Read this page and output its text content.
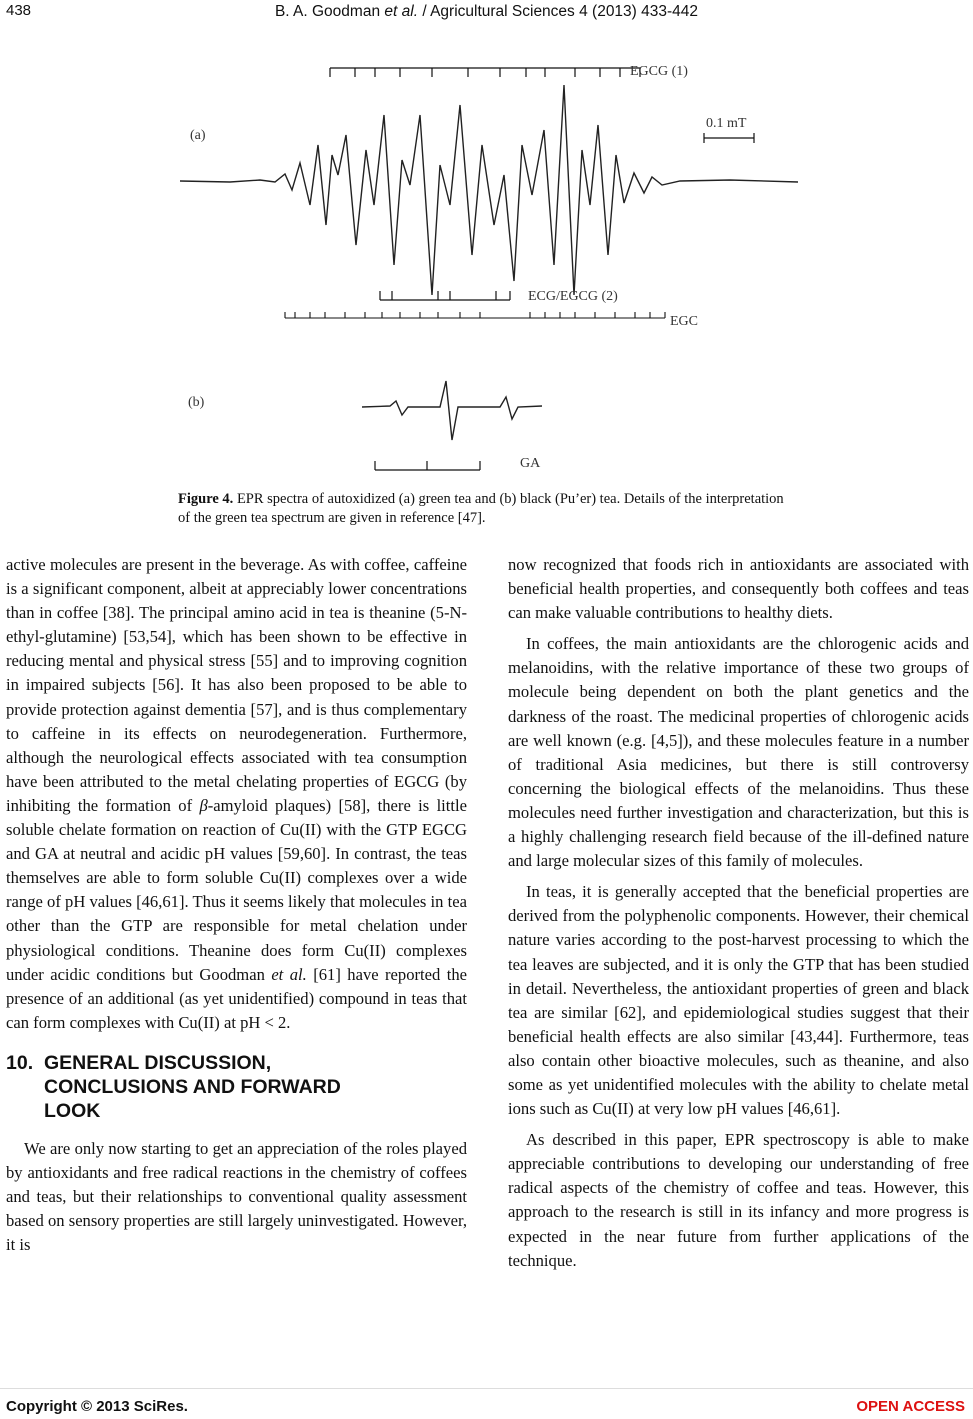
438	B. A. Goodman et al. / Agricultural Sciences 4 (2013) 433-442
EGCG (1)
(a)
0.1 mT
ECG/EGCG (2)
EGC
(b)
GA
Figure 4. EPR spectra of autoxidized (a) green tea and (b) black (Pu’er) tea. Details of the interpretation of the green tea spectrum are given in reference [47].

active molecules are present in the beverage. As with coffee, caffeine is a significant component, albeit at appreciably lower concentrations than in coffee [38]. The principal amino acid in tea is theanine (5-N-ethyl-glutamine) [53,54], which has been shown to be effective in reducing mental and physical stress [55] and to improving cognition in impaired subjects [56]. It has also been proposed to be able to provide protection against dementia [57], and is thus complementary to caffeine in its effects on neurodegeneration. Furthermore, although the neurological effects associated with tea consumption have been attributed to the metal chelating properties of EGCG (by inhibiting the formation of β-amyloid plaques) [58], there is little soluble chelate formation on reaction of Cu(II) with the GTP EGCG and GA at neutral and acidic pH values [59,60]. In contrast, the teas themselves are able to form soluble Cu(II) complexes over a wide range of pH values [46,61]. Thus it seems likely that molecules in tea other than the GTP are responsible for metal chelation under physiological conditions. Theanine does form Cu(II) complexes under acidic conditions but Goodman et al. [61] have reported the presence of an additional (as yet unidentified) compound in teas that can form complexes with Cu(II) at pH < 2.

10. GENERAL DISCUSSION,
CONCLUSIONS AND FORWARD
LOOK

We are only now starting to get an appreciation of the roles played by antioxidants and free radical reactions in the chemistry of coffees and teas, but their relationships to conventional quality assessment based on sensory properties are still largely uninvestigated. However, it is

now recognized that foods rich in antioxidants are associated with beneficial health properties, and consequently both coffees and teas can make valuable contributions to healthy diets.

In coffees, the main antioxidants are the chlorogenic acids and melanoidins, with the relative importance of these two groups of molecule being dependent on both the plant genetics and the darkness of the roast. The medicinal properties of chlorogenic acids are well known (e.g. [4,5]), and these molecules feature in a number of traditional Asia medicines, but there is still controversy concerning the biological effects of the melanoidins. Thus these molecules need further investigation and characterization, but this is a highly challenging research field because of the ill-defined nature and large molecular sizes of this family of molecules.

In teas, it is generally accepted that the beneficial properties are derived from the polyphenolic components. However, their chemical nature varies according to the post-harvest processing to which the tea leaves are subjected, and it is only the GTP that has been studied in detail. Nevertheless, the antioxidant properties of green and black tea are similar [62], and epidemiological studies suggest that their beneficial health effects are also similar [43,44]. Furthermore, teas also contain other bioactive molecules, such as theanine, and also some as yet unidentified molecules with the ability to chelate metal ions such as Cu(II) at very low pH values [46,61].

As described in this paper, EPR spectroscopy is able to make appreciable contributions to developing our understanding of free radical aspects of the chemistry of coffee and teas. However, this approach to the research is still in its infancy and more progress is expected in the near future from further applications of the technique.

Copyright © 2013 SciRes.	OPEN ACCESS
